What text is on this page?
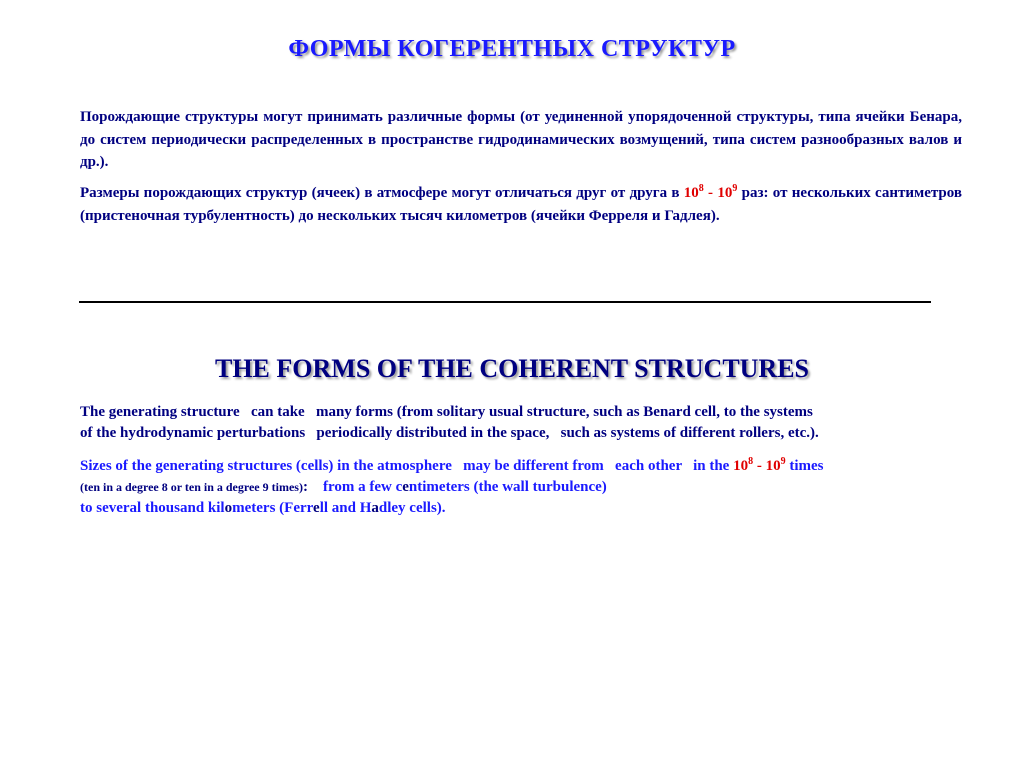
ФОРМЫ КОГЕРЕНТНЫХ СТРУКТУР

Порождающие структуры могут принимать различные формы (от уединенной упорядоченной структуры, типа ячейки Бенара, до систем периодически распределенных в пространстве гидродинамических возмущений, типа систем разнообразных валов и др.).

Размеры порождающих структур (ячеек) в атмосфере могут отличаться друг от друга в $10^8 - 10^9$ раз: от нескольких сантиметров (пристеночная турбулентность) до нескольких тысяч километров (ячейки Ферреля и Гадлея).

THE FORMS OF THE COHERENT STRUCTURES

The generating structure   can take   many forms (from solitary usual structure, such as Benard cell, to the systems
of the hydrodynamic perturbations   periodically distributed in the space,   such as systems of different rollers, etc.).

Sizes of the generating structures (cells) in the atmosphere   may be different from   each other   in the $10^8 - 10^9$ times
(ten in a degree 8 or ten in a degree 9 times):    from a few centimeters (the wall turbulence)
to several thousand kilometers (Ferrell and Hadley cells).
